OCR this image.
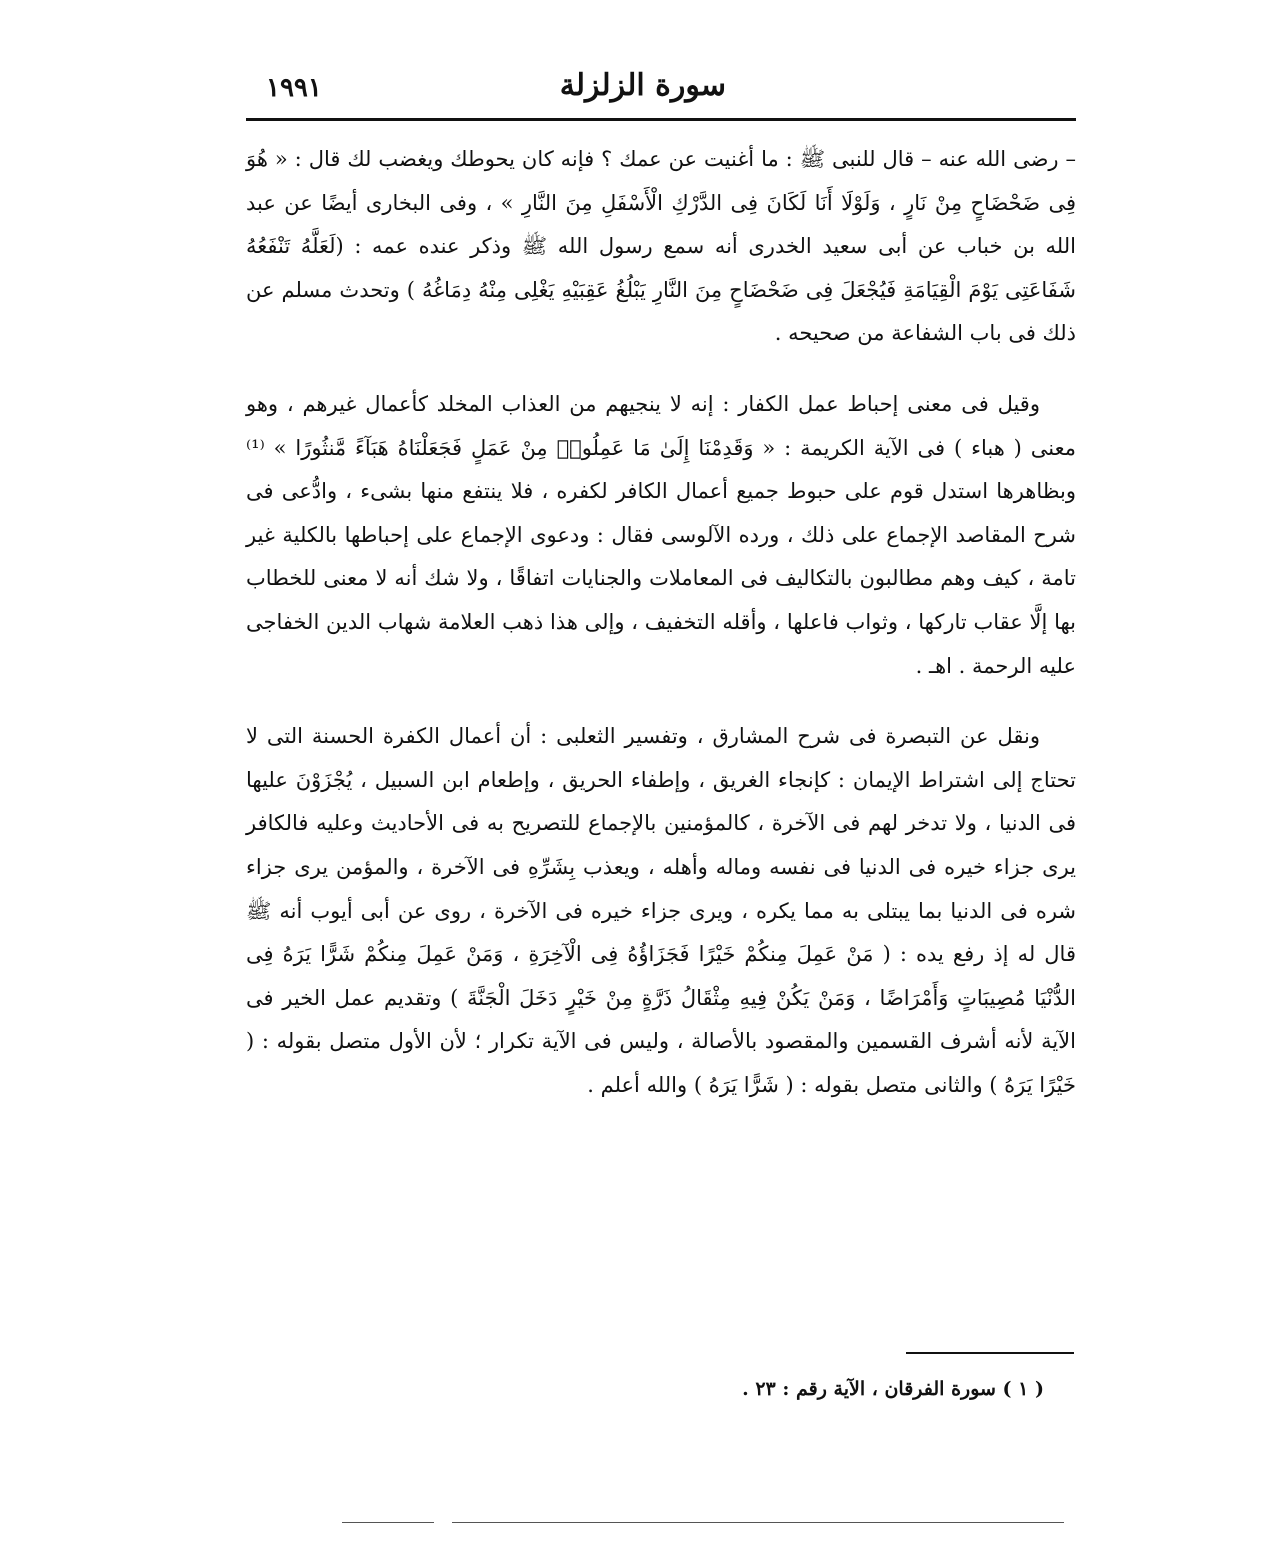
سورة الزلزلة
١٩٩١

– رضى الله عنه – قال للنبى ﷺ : ما أغنيت عن عمك ؟ فإنه كان يحوطك ويغضب لك قال : « هُوَ فِى ضَحْضَاحٍ مِنْ نَارٍ ، وَلَوْلَا أَنَا لَكَانَ فِى الدَّرْكِ الْأَسْفَلِ مِنَ النَّارِ » ، وفى البخارى أيضًا عن عبد الله بن خباب عن أبى سعيد الخدرى أنه سمع رسول الله ﷺ وذكر عنده عمه : (لَعَلَّهُ تَنْفَعُهُ شَفَاعَتِى يَوْمَ الْقِيَامَةِ فَيُجْعَلَ فِى ضَحْضَاحٍ مِنَ النَّارِ يَبْلُغُ عَقِبَيْهِ يَغْلِى مِنْهُ دِمَاغُهُ ) وتحدث مسلم عن ذلك فى باب الشفاعة من صحيحه .

وقيل فى معنى إحباط عمل الكفار : إنه لا ينجيهم من العذاب المخلد كأعمال غيرهم ، وهو معنى ( هباء ) فى الآية الكريمة : « وَقَدِمْنَا إِلَىٰ مَا عَمِلُوا۟ مِنْ عَمَلٍ فَجَعَلْنَاهُ هَبَآءً مَّنثُورًا » ⁽¹⁾ وبظاهرها استدل قوم على حبوط جميع أعمال الكافر لكفره ، فلا ينتفع منها بشىء ، وادُّعى فى شرح المقاصد الإجماع على ذلك ، ورده الآلوسى فقال : ودعوى الإجماع على إحباطها بالكلية غير تامة ، كيف وهم مطالبون بالتكاليف فى المعاملات والجنايات اتفاقًا ، ولا شك أنه لا معنى للخطاب بها إلَّا عقاب تاركها ، وثواب فاعلها ، وأقله التخفيف ، وإلى هذا ذهب العلامة شهاب الدين الخفاجى عليه الرحمة . اهـ .

ونقل عن التبصرة فى شرح المشارق ، وتفسير الثعلبى : أن أعمال الكفرة الحسنة التى لا تحتاج إلى اشتراط الإيمان : كإنجاء الغريق ، وإطفاء الحريق ، وإطعام ابن السبيل ، يُجْزَوْنَ عليها فى الدنيا ، ولا تدخر لهم فى الآخرة ، كالمؤمنين بالإجماع للتصريح به فى الأحاديث وعليه فالكافر يرى جزاء خيره فى الدنيا فى نفسه وماله وأهله ، ويعذب بِشَرِّهِ فى الآخرة ، والمؤمن يرى جزاء شره فى الدنيا بما يبتلى به مما يكره ، ويرى جزاء خيره فى الآخرة ، روى عن أبى أيوب أنه ﷺ قال له إذ رفع يده : ( مَنْ عَمِلَ مِنكُمْ خَيْرًا فَجَزَاؤُهُ فِى الْآخِرَةِ ، وَمَنْ عَمِلَ مِنكُمْ شَرًّا يَرَهُ فِى الدُّنْيَا مُصِيبَاتٍ وَأَمْرَاضًا ، وَمَنْ يَكُنْ فِيهِ مِثْقَالُ ذَرَّةٍ مِنْ خَيْرٍ دَخَلَ الْجَنَّةَ ) وتقديم عمل الخير فى الآية لأنه أشرف القسمين والمقصود بالأصالة ، وليس فى الآية تكرار ؛ لأن الأول متصل بقوله : ( خَيْرًا يَرَهُ ) والثانى متصل بقوله : ( شَرًّا يَرَهُ ) والله أعلم .

( ١ ) سورة الفرقان ، الآية رقم : ٢٣ .
